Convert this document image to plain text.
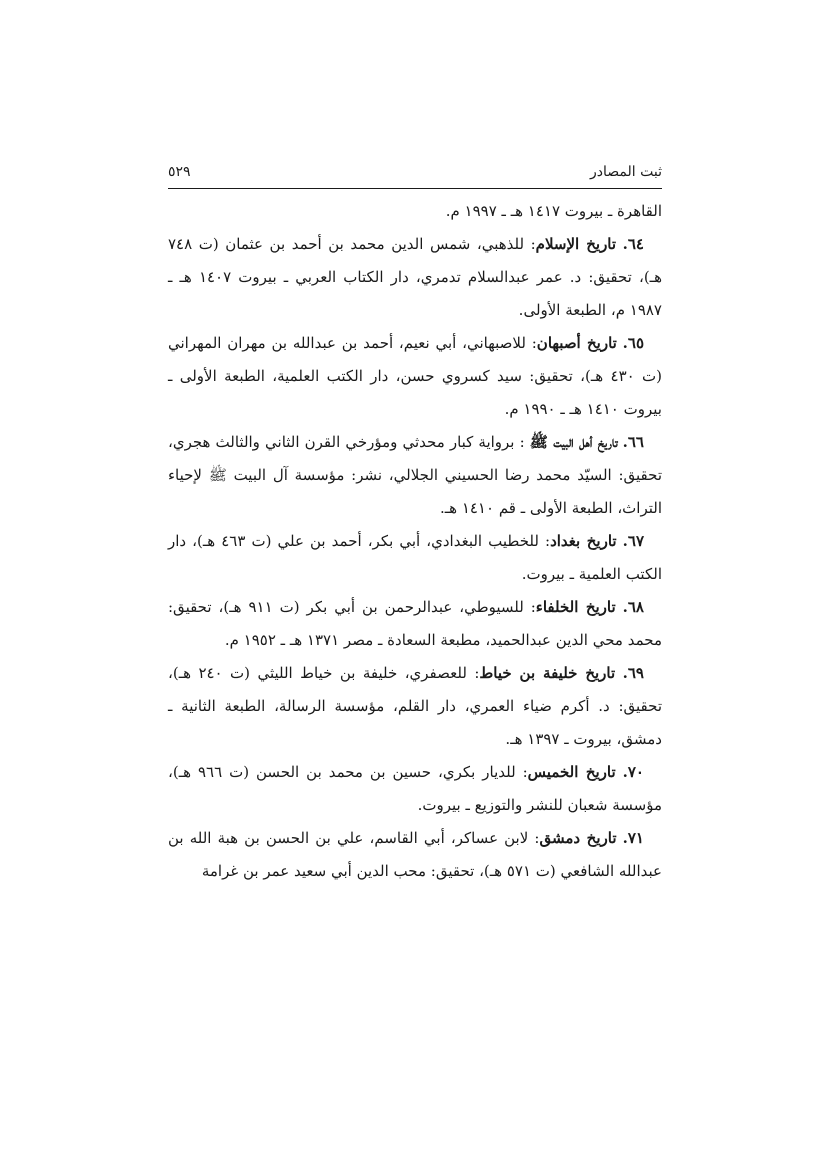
ثبت المصادر
٥٢٩

القاهرة ـ بيروت ١٤١٧ هـ ـ ١٩٩٧ م.

٦٤. تاريخ الإسلام: للذهبي، شمس الدين محمد بن أحمد بن عثمان (ت ٧٤٨ هـ)، تحقيق: د. عمر عبدالسلام تدمري، دار الكتاب العربي ـ بيروت ١٤٠٧ هـ ـ ١٩٨٧ م، الطبعة الأولى.

٦٥. تاريخ أصبهان: للاصبهاني، أبي نعيم، أحمد بن عبدالله بن مهران المهراني (ت ٤٣٠ هـ)، تحقيق: سيد كسروي حسن، دار الكتب العلمية، الطبعة الأولى ـ بيروت ١٤١٠ هـ ـ ١٩٩٠ م.

٦٦. تاريخ أهل البيت ﷺ : برواية كبار محدثي ومؤرخي القرن الثاني والثالث هجري، تحقيق: السيّد محمد رضا الحسيني الجلالي، نشر: مؤسسة آل البيت ﷺ لإحياء التراث، الطبعة الأولى ـ قم ١٤١٠ هـ.

٦٧. تاريخ بغداد: للخطيب البغدادي، أبي بكر، أحمد بن علي (ت ٤٦٣ هـ)، دار الكتب العلمية ـ بيروت.

٦٨. تاريخ الخلفاء: للسيوطي، عبدالرحمن بن أبي بكر (ت ٩١١ هـ)، تحقيق: محمد محي الدين عبدالحميد، مطبعة السعادة ـ مصر ١٣٧١ هـ ـ ١٩٥٢ م.

٦٩. تاريخ خليفة بن خياط: للعصفري، خليفة بن خياط الليثي (ت ٢٤٠ هـ)، تحقيق: د. أكرم ضياء العمري، دار القلم، مؤسسة الرسالة، الطبعة الثانية ـ دمشق، بيروت ـ ١٣٩٧ هـ.

٧٠. تاريخ الخميس: للديار بكري، حسين بن محمد بن الحسن (ت ٩٦٦ هـ)، مؤسسة شعبان للنشر والتوزيع ـ بيروت.

٧١. تاريخ دمشق: لابن عساكر، أبي القاسم، علي بن الحسن بن هبة الله بن عبدالله الشافعي (ت ٥٧١ هـ)، تحقيق: محب الدين أبي سعيد عمر بن غرامة
